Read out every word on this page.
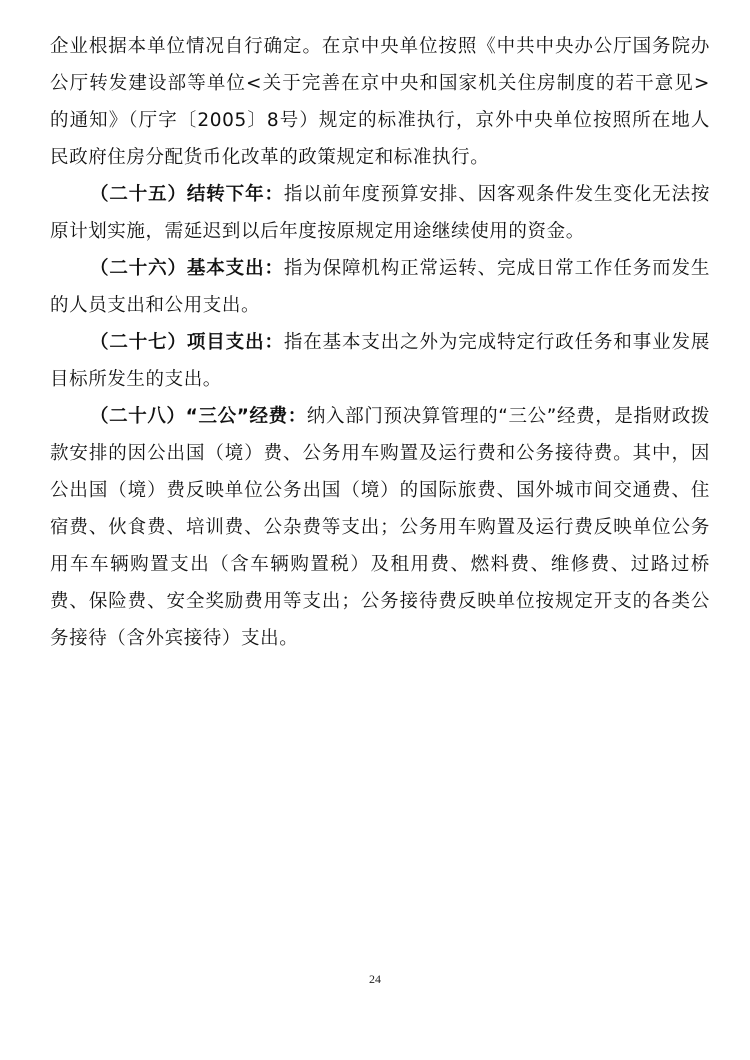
企业根据本单位情况自行确定。在京中央单位按照《中共中央办公厅国务院办公厅转发建设部等单位<关于完善在京中央和国家机关住房制度的若干意见>的通知》（厅字〔2005〕8号）规定的标准执行，京外中央单位按照所在地人民政府住房分配货币化改革的政策规定和标准执行。

（二十五）结转下年：指以前年度预算安排、因客观条件发生变化无法按原计划实施，需延迟到以后年度按原规定用途继续使用的资金。

（二十六）基本支出：指为保障机构正常运转、完成日常工作任务而发生的人员支出和公用支出。

（二十七）项目支出：指在基本支出之外为完成特定行政任务和事业发展目标所发生的支出。

（二十八）“三公”经费：纳入部门预决算管理的“三公”经费，是指财政拨款安排的因公出国（境）费、公务用车购置及运行费和公务接待费。其中，因公出国（境）费反映单位公务出国（境）的国际旅费、国外城市间交通费、住宿费、伙食费、培训费、公杂费等支出；公务用车购置及运行费反映单位公务用车车辆购置支出（含车辆购置税）及租用费、燃料费、维修费、过路过桥费、保险费、安全奖励费用等支出；公务接待费反映单位按规定开支的各类公务接待（含外宾接待）支出。

24
